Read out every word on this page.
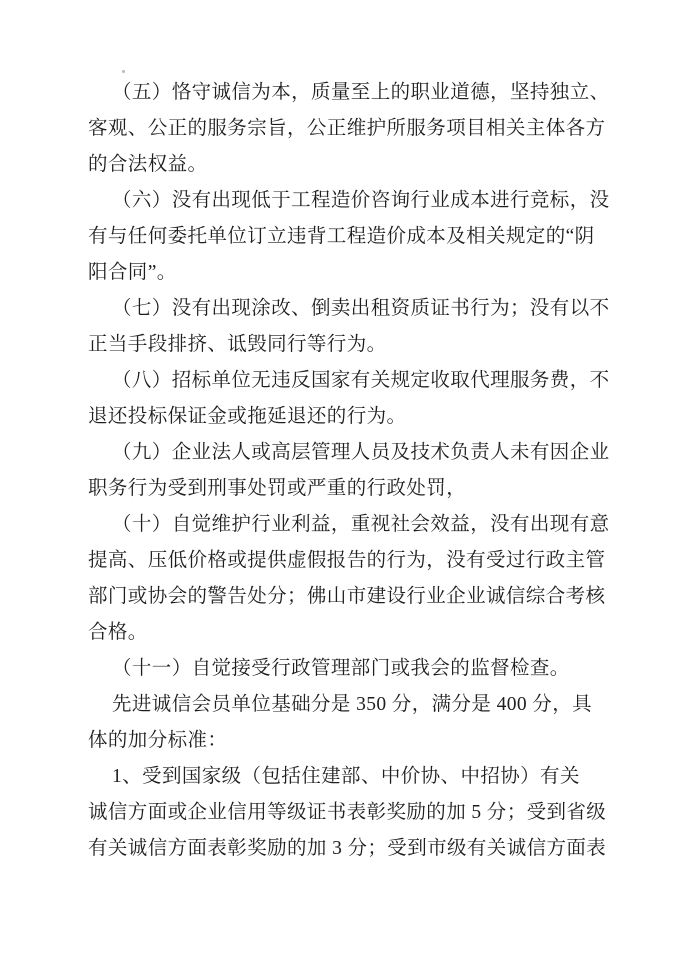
（五）恪守诚信为本，质量至上的职业道德，坚持独立、
客观、公正的服务宗旨，公正维护所服务项目相关主体各方
的合法权益。
（六）没有出现低于工程造价咨询行业成本进行竞标，没
有与任何委托单位订立违背工程造价成本及相关规定的“阴
阳合同”。
（七）没有出现涂改、倒卖出租资质证书行为；没有以不
正当手段排挤、诋毁同行等行为。
（八）招标单位无违反国家有关规定收取代理服务费，不
退还投标保证金或拖延退还的行为。
（九）企业法人或高层管理人员及技术负责人未有因企业
职务行为受到刑事处罚或严重的行政处罚，
（十）自觉维护行业利益，重视社会效益，没有出现有意
提高、压低价格或提供虚假报告的行为，没有受过行政主管
部门或协会的警告处分；佛山市建设行业企业诚信综合考核
合格。
（十一）自觉接受行政管理部门或我会的监督检查。
先进诚信会员单位基础分是 350 分，满分是 400 分，具
体的加分标准：
1、受到国家级（包括住建部、中价协、中招协）有关
诚信方面或企业信用等级证书表彰奖励的加 5 分；受到省级
有关诚信方面表彰奖励的加 3 分；受到市级有关诚信方面表
